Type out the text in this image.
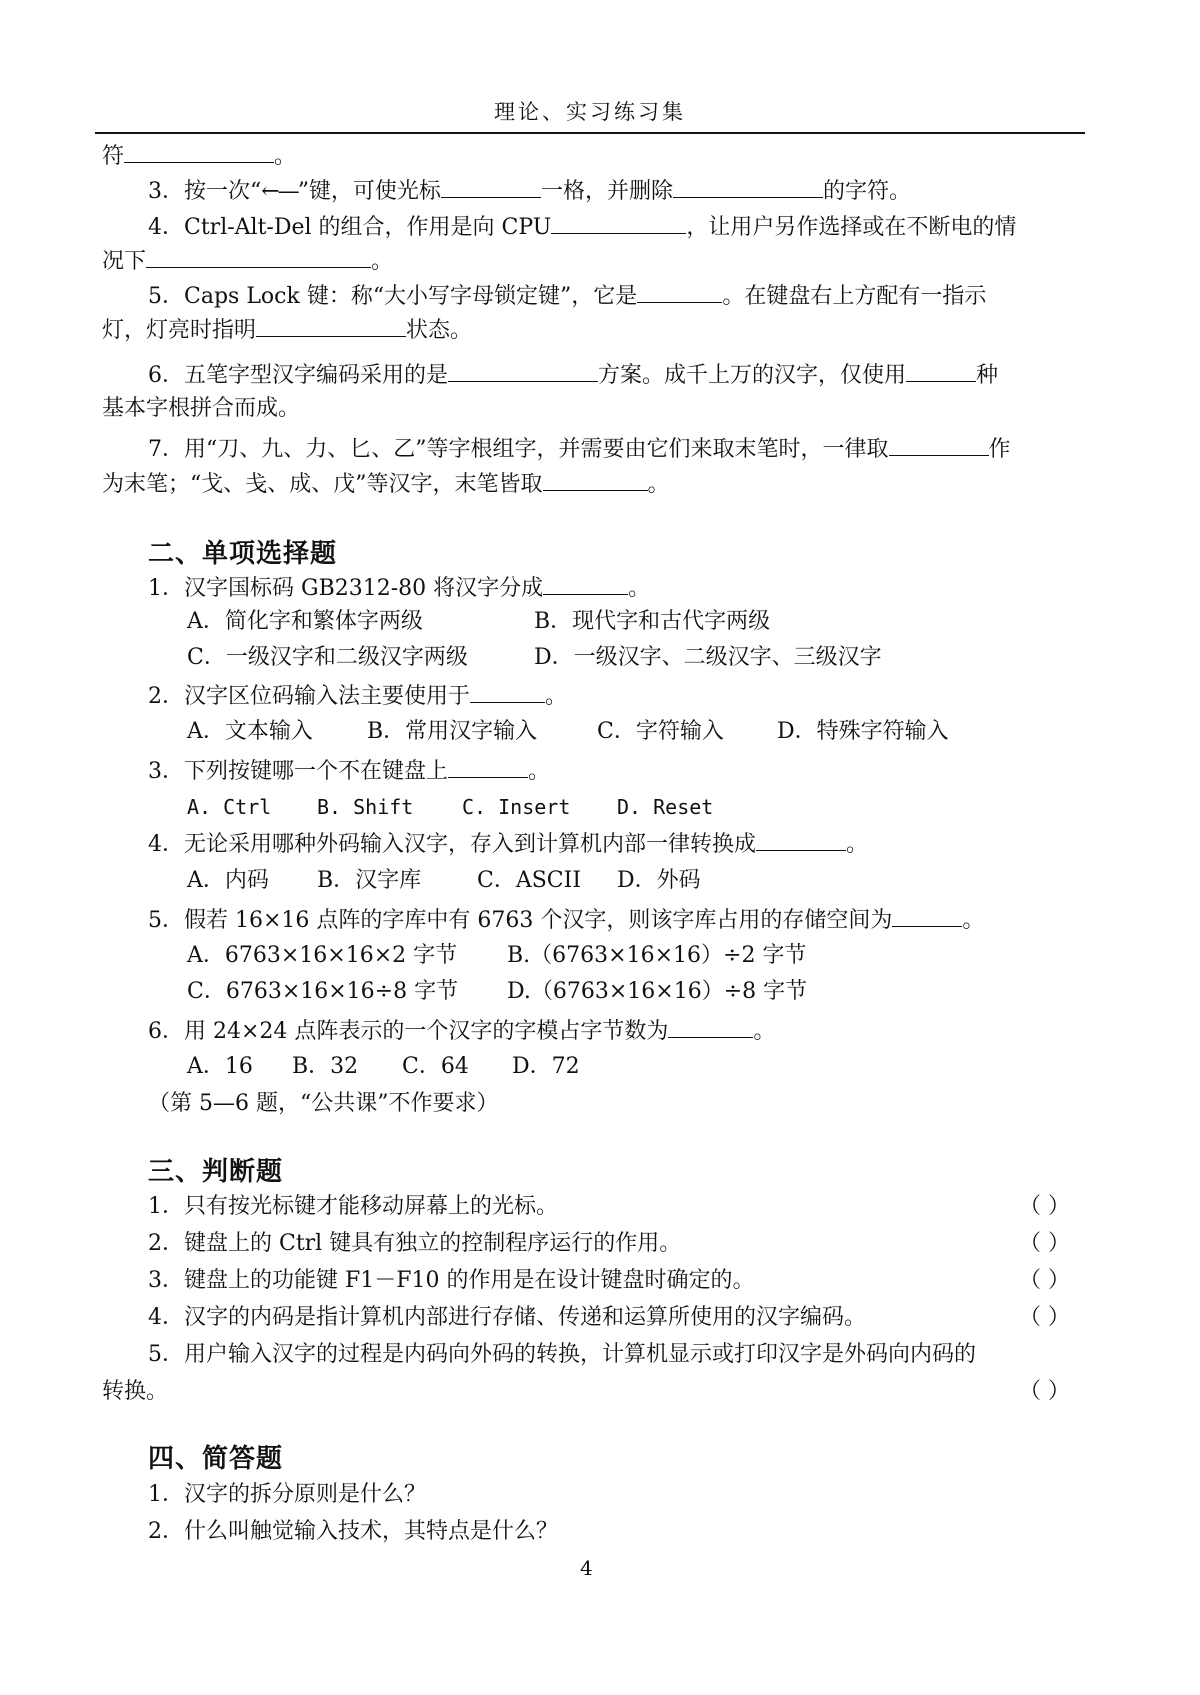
理论、实习练习集
符	。
3．按一次“←—”键，可使光标	一格，并删除	的字符。
4．Ctrl-Alt-Del 的组合，作用是向 CPU	，让用户另作选择或在不断电的情
况下	。
5．Caps Lock 键：称“大小写字母锁定键”，它是	。在键盘右上方配有一指示
灯，灯亮时指明	状态。
6．五笔字型汉字编码采用的是	方案。成千上万的汉字，仅使用	种
基本字根拼合而成。
7．用“刀、九、力、匕、乙”等字根组字，并需要由它们来取末笔时，一律取	作
为末笔；“戈、戋、成、戊”等汉字，末笔皆取	。
二、单项选择题
1．汉字国标码 GB2312-80 将汉字分成	。
A．简化字和繁体字两级	B．现代字和古代字两级
C．一级汉字和二级汉字两级	D．一级汉字、二级汉字、三级汉字
2．汉字区位码输入法主要使用于	。
A．文本输入 B．常用汉字输入	C．字符输入 D．特殊字符输入
3．下列按键哪一个不在键盘上	。
A. Ctrl B. Shift C. Insert D. Reset
4．无论采用哪种外码输入汉字，存入到计算机内部一律转换成	。
A．内码 B．汉字库	C．ASCII D．外码
5．假若 16×16 点阵的字库中有 6763 个汉字，则该字库占用的存储空间为	。
A．6763×16×16×2 字节 B.（6763×16×16）÷2 字节
C．6763×16×16÷8 字节 D.（6763×16×16）÷8 字节
6．用 24×24 点阵表示的一个汉字的字模占字节数为	。
A．16 B．32 C．64 D．72
（第 5—6 题，“公共课”不作要求）
三、判断题
1．只有按光标键才能移动屏幕上的光标。	（ ）
2．键盘上的 Ctrl 键具有独立的控制程序运行的作用。	（ ）
3．键盘上的功能键 F1－F10 的作用是在设计键盘时确定的。	（ ）
4．汉字的内码是指计算机内部进行存储、传递和运算所使用的汉字编码。	（ ）
5．用户输入汉字的过程是内码向外码的转换，计算机显示或打印汉字是外码向内码的
转换。	（ ）
四、简答题
1．汉字的拆分原则是什么？
2．什么叫触觉输入技术，其特点是什么？
4
